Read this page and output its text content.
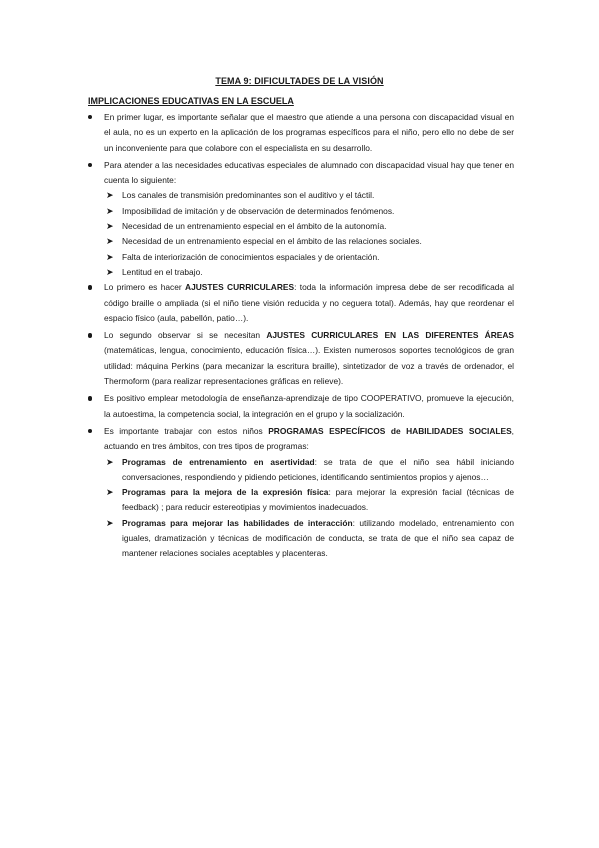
TEMA 9: DIFICULTADES DE LA VISIÓN
IMPLICACIONES EDUCATIVAS EN LA ESCUELA
En primer lugar, es importante señalar que el maestro que atiende a una persona con discapacidad visual en el aula, no es un experto en la aplicación de los programas específicos para el niño, pero ello no debe de ser un inconveniente para que colabore con el especialista en su desarrollo.
Para atender a las necesidades educativas especiales de alumnado con discapacidad visual hay que tener en cuenta lo siguiente:
➤ Los canales de transmisión predominantes son el auditivo y el táctil.
➤ Imposibilidad de imitación y de observación de determinados fenómenos.
➤ Necesidad de un entrenamiento especial en el ámbito de la autonomía.
➤ Necesidad de un entrenamiento especial en el ámbito de las relaciones sociales.
➤ Falta de interiorización de conocimientos espaciales y de orientación.
➤ Lentitud en el trabajo.
Lo primero es hacer AJUSTES CURRICULARES: toda la información impresa debe de ser recodificada al código braille o ampliada (si el niño tiene visión reducida y no ceguera total). Además, hay que reordenar el espacio físico (aula, pabellón, patio…).
Lo segundo observar si se necesitan AJUSTES CURRICULARES EN LAS DIFERENTES ÁREAS (matemáticas, lengua, conocimiento, educación física…). Existen numerosos soportes tecnológicos de gran utilidad: máquina Perkins (para mecanizar la escritura braille), sintetizador de voz a través de ordenador, el Thermoform (para realizar representaciones gráficas en relieve).
Es positivo emplear metodología de enseñanza-aprendizaje de tipo COOPERATIVO, promueve la ejecución, la autoestima, la competencia social, la integración en el grupo y la socialización.
Es importante trabajar con estos niños PROGRAMAS ESPECÍFICOS de HABILIDADES SOCIALES, actuando en tres ámbitos, con tres tipos de programas:
➤ Programas de entrenamiento en asertividad: se trata de que el niño sea hábil iniciando conversaciones, respondiendo y pidiendo peticiones, identificando sentimientos propios y ajenos…
➤ Programas para la mejora de la expresión física: para mejorar la expresión facial (técnicas de feedback) ; para reducir estereotipias y movimientos inadecuados.
➤ Programas para mejorar las habilidades de interacción: utilizando modelado, entrenamiento con iguales, dramatización y técnicas de modificación de conducta, se trata de que el niño sea capaz de mantener relaciones sociales aceptables y placenteras.
